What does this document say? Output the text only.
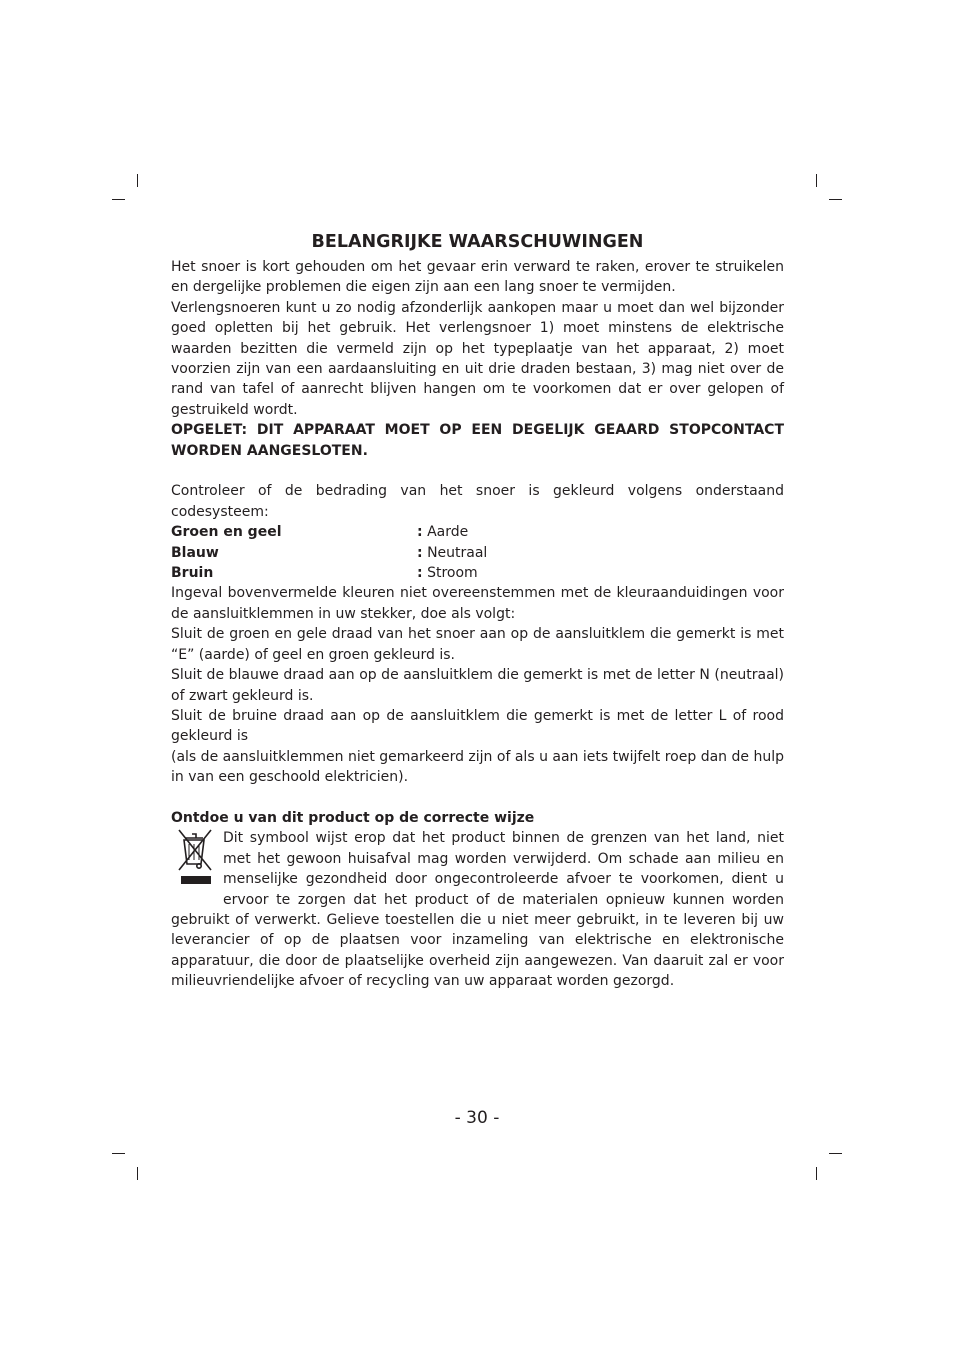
BELANGRIJKE WAARSCHUWINGEN

Het snoer is kort gehouden om het gevaar erin verward te raken, erover te struikelen en dergelijke problemen die eigen zijn aan een lang snoer te vermijden.

Verlengsnoeren kunt u zo nodig afzonderlijk aankopen maar u moet dan wel bijzonder goed opletten bij het gebruik. Het verlengsnoer 1) moet minstens de elektrische waarden bezitten die vermeld zijn op het typeplaatje van het apparaat, 2) moet voorzien zijn van een aardaansluiting en uit drie draden bestaan, 3) mag niet over de rand van tafel of aanrecht blijven hangen om te voorkomen dat er over gelopen of gestruikeld wordt.

OPGELET: DIT APPARAAT MOET OP EEN DEGELIJK GEAARD STOPCONTACT WORDEN AANGESLOTEN.

Controleer of de bedrading van het snoer is gekleurd volgens onderstaand codesysteem:

Groen en geel	: Aarde
Blauw	: Neutraal
Bruin	: Stroom

Ingeval bovenvermelde kleuren niet overeenstemmen met de kleuraanduidingen voor de aansluitklemmen in uw stekker, doe als volgt:

Sluit de groen en gele draad van het snoer aan op de aansluitklem die gemerkt is met “E” (aarde) of geel en groen gekleurd is.

Sluit de blauwe draad aan op de aansluitklem die gemerkt is met de letter N (neutraal) of zwart gekleurd is.

Sluit de bruine draad aan op de aansluitklem die gemerkt is met de letter L of rood gekleurd is

(als de aansluitklemmen niet gemarkeerd zijn of als u aan iets twijfelt roep dan de hulp in van een geschoold elektricien).

Ontdoe u van dit product op de correcte wijze

Dit symbool wijst erop dat het product binnen de grenzen van het land, niet met het gewoon huisafval mag worden verwijderd. Om schade aan milieu en menselijke gezondheid door ongecontroleerde afvoer te voorkomen, dient u ervoor te zorgen dat het product of de materialen opnieuw kunnen worden gebruikt of verwerkt. Gelieve toestellen die u niet meer gebruikt, in te leveren bij uw leverancier of op de plaatsen voor inzameling van elektrische en elektronische apparatuur, die door de plaatselijke overheid zijn aangewezen. Van daaruit zal er voor milieuvriendelijke afvoer of recycling van uw apparaat worden gezorgd.

- 30 -
